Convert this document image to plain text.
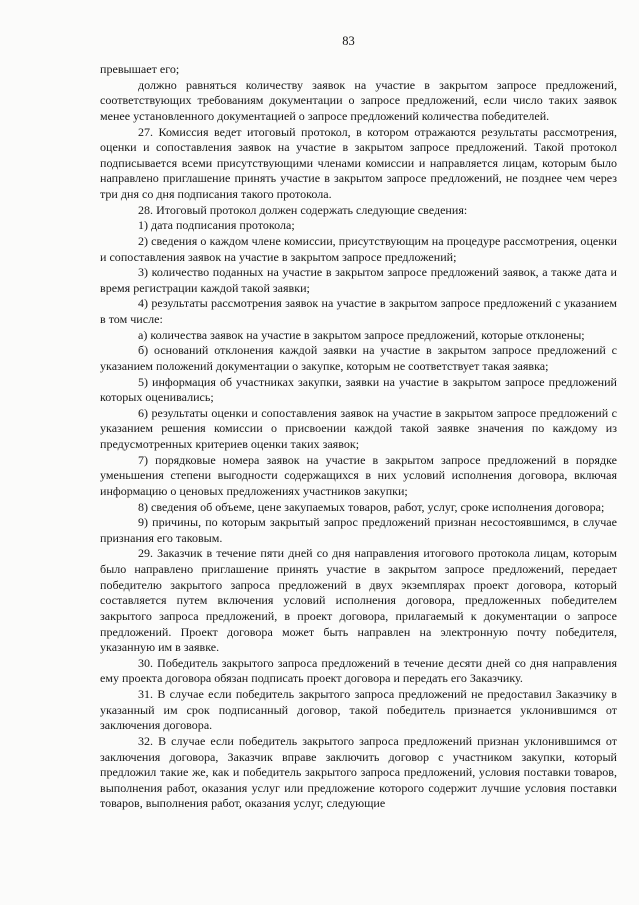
83

превышает его;

должно равняться количеству заявок на участие в закрытом запросе предложений, соответствующих требованиям документации о запросе предложений, если число таких заявок менее установленного документацией о запросе предложений количества победителей.

27. Комиссия ведет итоговый протокол, в котором отражаются результаты рассмотрения, оценки и сопоставления заявок на участие в закрытом запросе предложений. Такой протокол подписывается всеми присутствующими членами комиссии и направляется лицам, которым было направлено приглашение принять участие в закрытом запросе предложений, не позднее чем через три дня со дня подписания такого протокола.

28. Итоговый протокол должен содержать следующие сведения:

1) дата подписания протокола;

2) сведения о каждом члене комиссии, присутствующим на процедуре рассмотрения, оценки и сопоставления заявок на участие в закрытом запросе предложений;

3) количество поданных на участие в закрытом запросе предложений заявок, а также дата и время регистрации каждой такой заявки;

4) результаты рассмотрения заявок на участие в закрытом запросе предложений с указанием в том числе:

а) количества заявок на участие в закрытом запросе предложений, которые отклонены;

б) оснований отклонения каждой заявки на участие в закрытом запросе предложений с указанием положений документации о закупке, которым не соответствует такая заявка;

5) информация об участниках закупки, заявки на участие в закрытом запросе предложений которых оценивались;

6) результаты оценки и сопоставления заявок на участие в закрытом запросе предложений с указанием решения комиссии о присвоении каждой такой заявке значения по каждому из предусмотренных критериев оценки таких заявок;

7) порядковые номера заявок на участие в закрытом запросе предложений в порядке уменьшения степени выгодности содержащихся в них условий исполнения договора, включая информацию о ценовых предложениях участников закупки;

8) сведения об объеме, цене закупаемых товаров, работ, услуг, сроке исполнения договора;

9) причины, по которым закрытый запрос предложений признан несостоявшимся, в случае признания его таковым.

29. Заказчик в течение пяти дней со дня направления итогового протокола лицам, которым было направлено приглашение принять участие в закрытом запросе предложений, передает победителю закрытого запроса предложений в двух экземплярах проект договора, который составляется путем включения условий исполнения договора, предложенных победителем закрытого запроса предложений, в проект договора, прилагаемый к документации о запросе предложений. Проект договора может быть направлен на электронную почту победителя, указанную им в заявке.

30. Победитель закрытого запроса предложений в течение десяти дней со дня направления ему проекта договора обязан подписать проект договора и передать его Заказчику.

31. В случае если победитель закрытого запроса предложений не предоставил Заказчику в указанный им срок подписанный договор, такой победитель признается уклонившимся от заключения договора.

32. В случае если победитель закрытого запроса предложений признан уклонившимся от заключения договора, Заказчик вправе заключить договор с участником закупки, который предложил такие же, как и победитель закрытого запроса предложений, условия поставки товаров, выполнения работ, оказания услуг или предложение которого содержит лучшие условия поставки товаров, выполнения работ, оказания услуг, следующие
